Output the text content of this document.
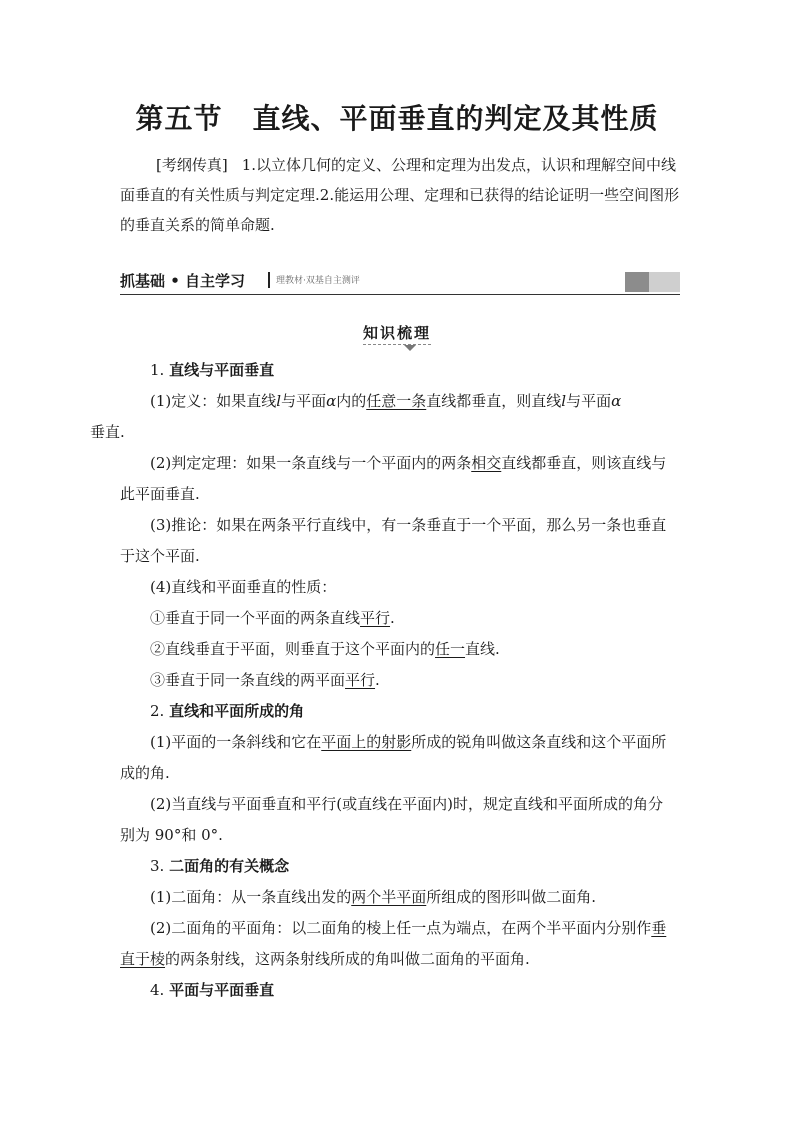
第五节 直线、平面垂直的判定及其性质

[考纲传真] 1.以立体几何的定义、公理和定理为出发点，认识和理解空间中线面垂直的有关性质与判定定理.2.能运用公理、定理和已获得的结论证明一些空间图形的垂直关系的简单命题.

抓基础 • 自主学习	理教材·双基自主测评
知识梳理

1. 直线与平面垂直

(1)定义：如果直线l与平面α内的任意一条直线都垂直，则直线l与平面α
垂直.

(2)判定定理：如果一条直线与一个平面内的两条相交直线都垂直，则该直线与此平面垂直.

(3)推论：如果在两条平行直线中，有一条垂直于一个平面，那么另一条也垂直于这个平面.

(4)直线和平面垂直的性质：

①垂直于同一个平面的两条直线平行.

②直线垂直于平面，则垂直于这个平面内的任一直线.

③垂直于同一条直线的两平面平行.

2. 直线和平面所成的角

(1)平面的一条斜线和它在平面上的射影所成的锐角叫做这条直线和这个平面所成的角.

(2)当直线与平面垂直和平行(或直线在平面内)时，规定直线和平面所成的角分别为 90°和 0°.

3. 二面角的有关概念

(1)二面角：从一条直线出发的两个半平面所组成的图形叫做二面角.

(2)二面角的平面角：以二面角的棱上任一点为端点，在两个半平面内分别作垂直于棱的两条射线，这两条射线所成的角叫做二面角的平面角.

4. 平面与平面垂直
